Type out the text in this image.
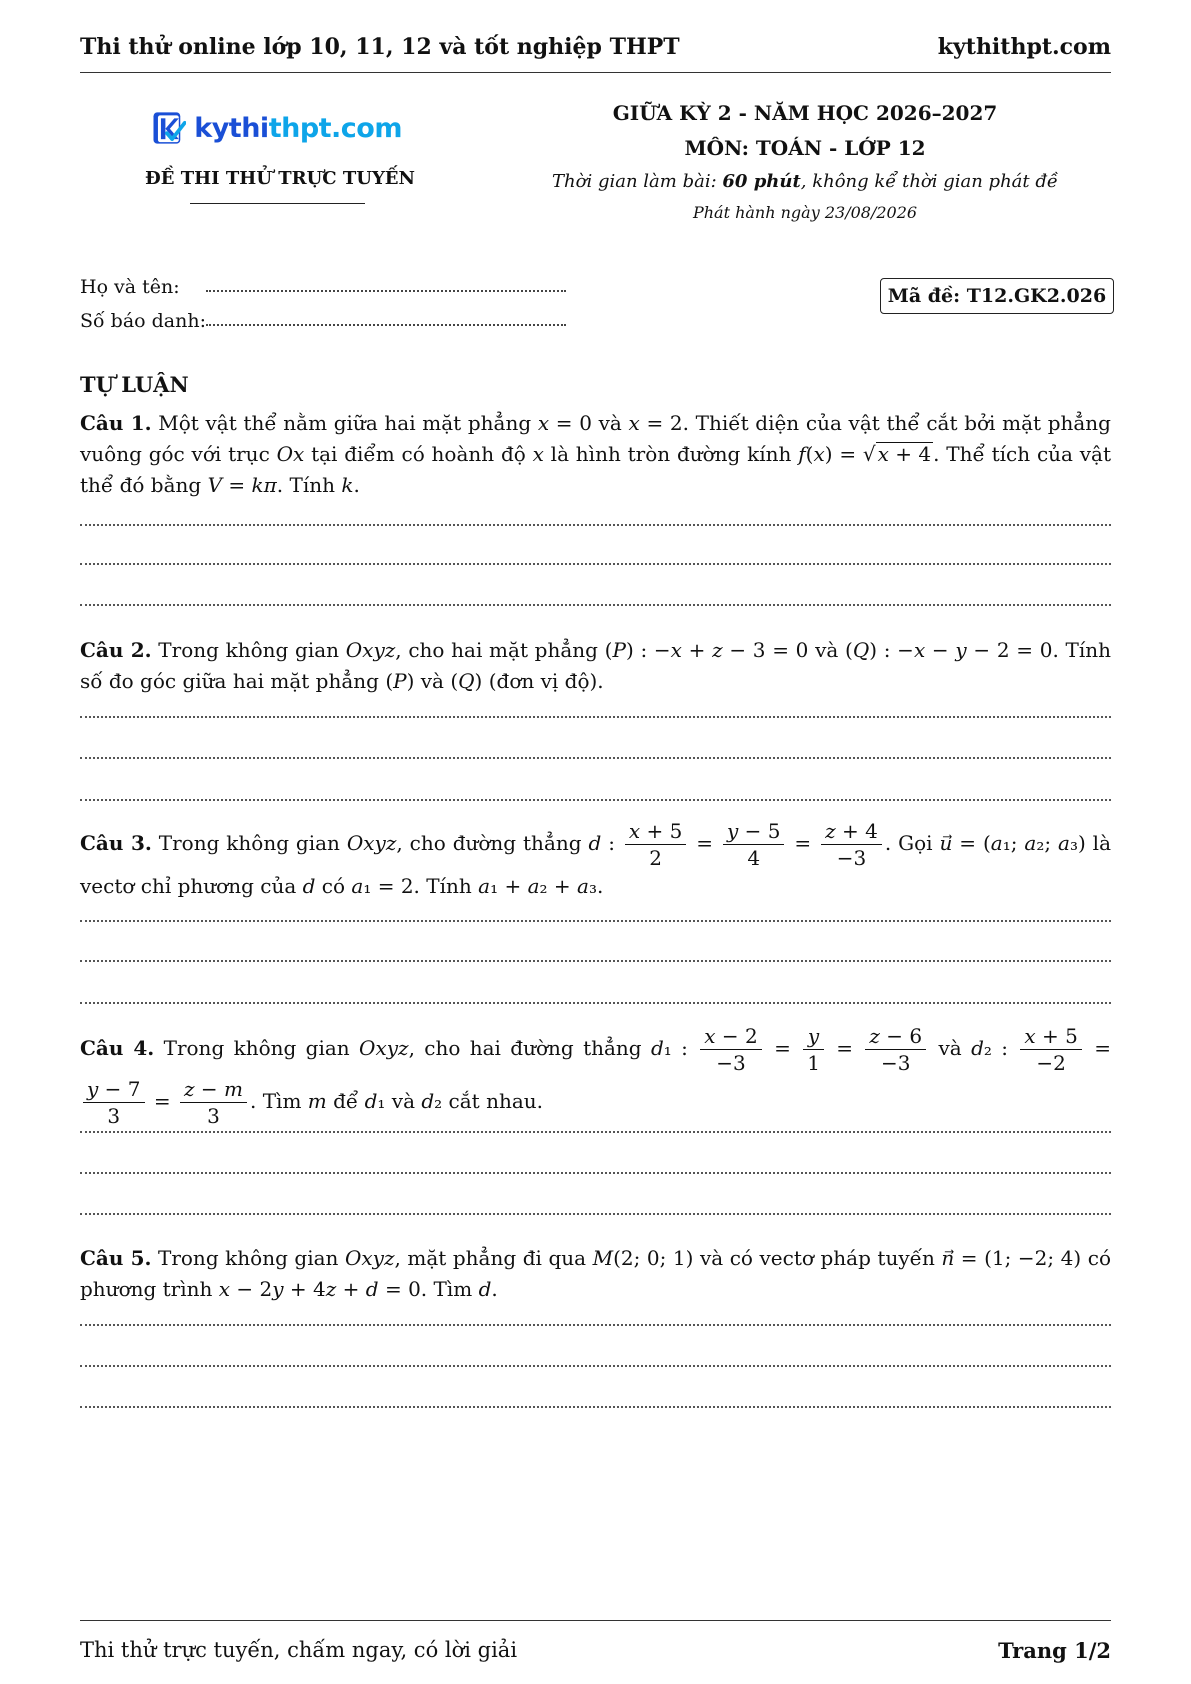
Thi thử online lớp 10, 11, 12 và tốt nghiệp THPT	kythithpt.com
kythithpt.com
ĐỀ THI THỬ TRỰC TUYẾN
GIỮA KỲ 2 - NĂM HỌC 2026–2027
MÔN: TOÁN - LỚP 12
Thời gian làm bài: 60 phút, không kể thời gian phát đề
Phát hành ngày 23/08/2026
Họ và tên:
Số báo danh:
Mã đề: T12.GK2.026
TỰ LUẬN
Câu 1. Một vật thể nằm giữa hai mặt phẳng x = 0 và x = 2. Thiết diện của vật thể cắt bởi mặt phẳng vuông góc với trục Ox tại điểm có hoành độ x là hình tròn đường kính f(x) = √ x + 4 . Thể tích của vật thể đó bằng V = kπ. Tính k.
Câu 2. Trong không gian Oxyz, cho hai mặt phẳng (P) : −x + z − 3 = 0 và (Q) : −x − y − 2 = 0. Tính số đo góc giữa hai mặt phẳng (P) và (Q) (đơn vị độ).
Câu 3. Trong không gian Oxyz, cho đường thẳng d : $\frac{x + 5}{2} = \frac{y - 5}{4} = \frac{z + 4}{-3}$ . Gọi u⃗ = (a₁; a₂; a₃) là vectơ chỉ phương của d có a₁ = 2. Tính a₁ + a₂ + a₃.
Câu 4. Trong không gian Oxyz, cho hai đường thẳng d₁ : $\frac{x - 2}{-3} = \frac{y}{1} = \frac{z - 6}{-3}$ và d₂ : $\frac{x + 5}{-2}$ =
$\frac{y - 7}{3} = \frac{z - m}{3}$ . Tìm m để d₁ và d₂ cắt nhau.
Câu 5. Trong không gian Oxyz, mặt phẳng đi qua M(2; 0; 1) và có vectơ pháp tuyến n⃗ = (1; −2; 4) có phương trình x − 2y + 4z + d = 0. Tìm d.
Thi thử trực tuyến, chấm ngay, có lời giải	Trang 1/2
